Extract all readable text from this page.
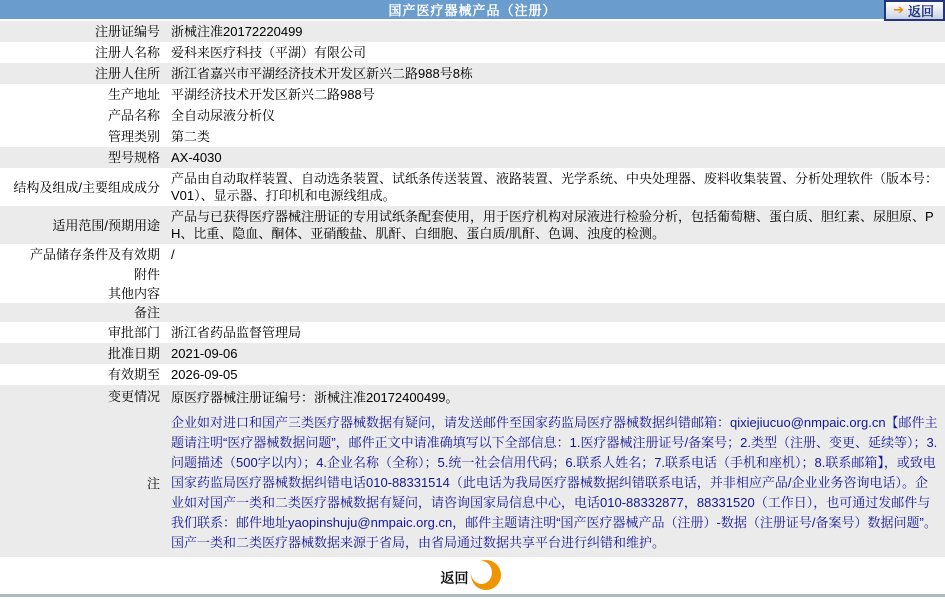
国产医疗器械产品（注册）	➔ 返回
注册证编号 浙械注准20172220499
注册人名称 爱科来医疗科技（平湖）有限公司
注册人住所 浙江省嘉兴市平湖经济技术开发区新兴二路988号8栋
生产地址 平湖经济技术开发区新兴二路988号
产品名称 全自动尿液分析仪
管理类别 第二类
型号规格 AX-4030
结构及组成/主要组成成分
产品由自动取样装置、自动选条装置、试纸条传送装置、液路装置、光学系统、中央处理器、废料收集装置、分析处理软件（版本号：V01）、显示器、打印机和电源线组成。
适用范围/预期用途
产品与已获得医疗器械注册证的专用试纸条配套使用，用于医疗机构对尿液进行检验分析，包括葡萄糖、蛋白质、胆红素、尿胆原、PH、比重、隐血、酮体、亚硝酸盐、肌酐、白细胞、蛋白质/肌酐、色调、浊度的检测。
产品储存条件及有效期 /
附件
其他内容
备注
审批部门 浙江省药品监督管理局
批准日期 2021-09-06
有效期至 2026-09-05
变更情况 原医疗器械注册证编号：浙械注准20172400499。
注
企业如对进口和国产三类医疗器械数据有疑问，请发送邮件至国家药监局医疗器械数据纠错邮箱：qixiejiucuo@nmpaic.org.cn【邮件主题请注明“医疗器械数据问题”，邮件正文中请准确填写以下全部信息：1.医疗器械注册证号/备案号；2.类型（注册、变更、延续等）；3.问题描述（500字以内）；4.企业名称（全称）；5.统一社会信用代码；6.联系人姓名；7.联系电话（手机和座机）；8.联系邮箱】，或致电国家药监局医疗器械数据纠错电话010-88331514（此电话为我局医疗器械数据纠错联系电话，并非相应产品/企业业务咨询电话）。企业如对国产一类和二类医疗器械数据有疑问，请咨询国家局信息中心，电话010-88332877，88331520（工作日），也可通过发邮件与我们联系：邮件地址yaopinshuju@nmpaic.org.cn，邮件主题请注明“国产医疗器械产品（注册）-数据（注册证号/备案号）数据问题”。国产一类和二类医疗器械数据来源于省局，由省局通过数据共享平台进行纠错和维护。
返回
